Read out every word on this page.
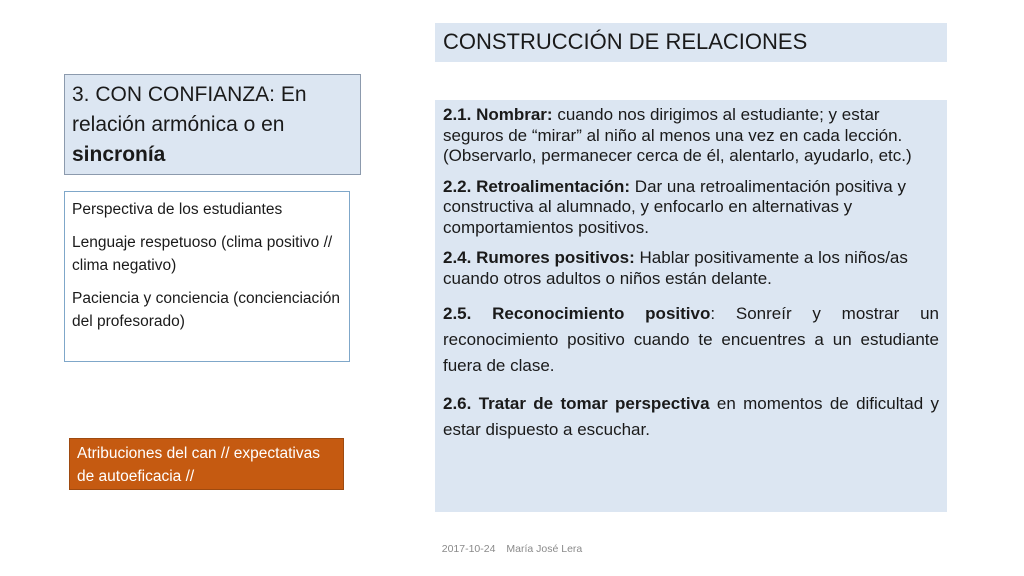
CONSTRUCCIÓN DE RELACIONES
3. CON CONFIANZA: En relación armónica o en sincronía

Perspectiva de los estudiantes

Lenguaje respetuoso (clima positivo // clima negativo)

Paciencia y conciencia (concienciación del profesorado)

Atribuciones del can // expectativas de autoeficacia //
2.1. Nombrar: cuando nos dirigimos al estudiante; y estar seguros de “mirar” al niño al menos una vez en cada lección. (Observarlo, permanecer cerca de él, alentarlo, ayudarlo, etc.)
2.2. Retroalimentación: Dar una retroalimentación positiva y constructiva al alumnado, y enfocarlo en alternativas y comportamientos positivos.
2.4. Rumores positivos: Hablar positivamente a los niños/as cuando otros adultos o niños están delante.
2.5. Reconocimiento positivo: Sonreír y mostrar un reconocimiento positivo cuando te encuentres a un estudiante fuera de clase.
2.6. Tratar de tomar perspectiva en momentos de dificultad y estar dispuesto a escuchar.
2017-10-24 María José Lera
